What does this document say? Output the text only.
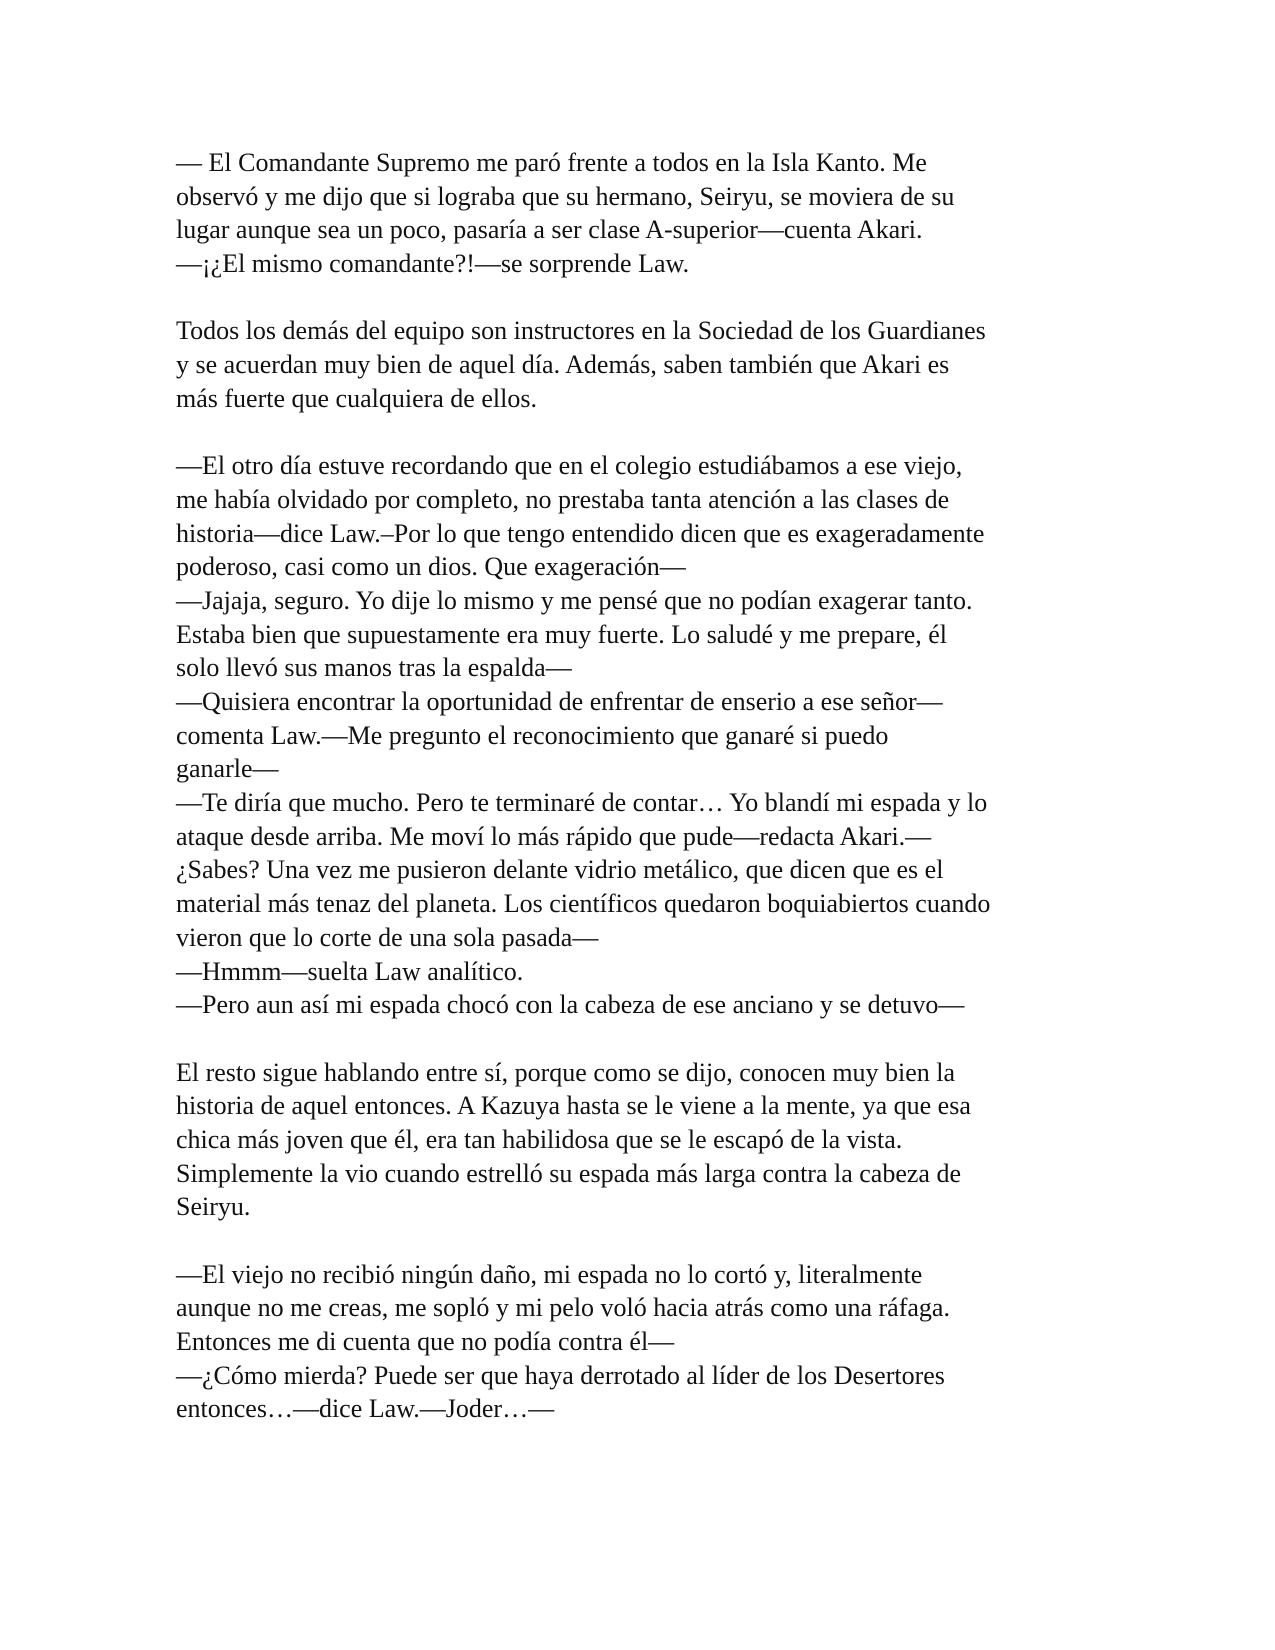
— El Comandante Supremo me paró frente a todos en la Isla Kanto. Me
observó y me dijo que si lograba que su hermano, Seiryu, se moviera de su
lugar aunque sea un poco, pasaría a ser clase A-superior—cuenta Akari.
—¡¿El mismo comandante?!—se sorprende Law.
Todos los demás del equipo son instructores en la Sociedad de los Guardianes
y se acuerdan muy bien de aquel día. Además, saben también que Akari es
más fuerte que cualquiera de ellos.
—El otro día estuve recordando que en el colegio estudiábamos a ese viejo,
me había olvidado por completo, no prestaba tanta atención a las clases de
historia—dice Law.–Por lo que tengo entendido dicen que es exageradamente
poderoso, casi como un dios. Que exageración—
—Jajaja, seguro. Yo dije lo mismo y me pensé que no podían exagerar tanto.
Estaba bien que supuestamente era muy fuerte. Lo saludé y me prepare, él
solo llevó sus manos tras la espalda—
—Quisiera encontrar la oportunidad de enfrentar de enserio a ese señor—
comenta Law.—Me pregunto el reconocimiento que ganaré si puedo
ganarle—
—Te diría que mucho. Pero te terminaré de contar… Yo blandí mi espada y lo
ataque desde arriba. Me moví lo más rápido que pude—redacta Akari.—
¿Sabes? Una vez me pusieron delante vidrio metálico, que dicen que es el
material más tenaz del planeta. Los científicos quedaron boquiabiertos cuando
vieron que lo corte de una sola pasada—
—Hmmm—suelta Law analítico.
—Pero aun así mi espada chocó con la cabeza de ese anciano y se detuvo—
El resto sigue hablando entre sí, porque como se dijo, conocen muy bien la
historia de aquel entonces. A Kazuya hasta se le viene a la mente, ya que esa
chica más joven que él, era tan habilidosa que se le escapó de la vista.
Simplemente la vio cuando estrelló su espada más larga contra la cabeza de
Seiryu.
—El viejo no recibió ningún daño, mi espada no lo cortó y, literalmente
aunque no me creas, me sopló y mi pelo voló hacia atrás como una ráfaga.
Entonces me di cuenta que no podía contra él—
—¿Cómo mierda? Puede ser que haya derrotado al líder de los Desertores
entonces…—dice Law.—Joder…—
